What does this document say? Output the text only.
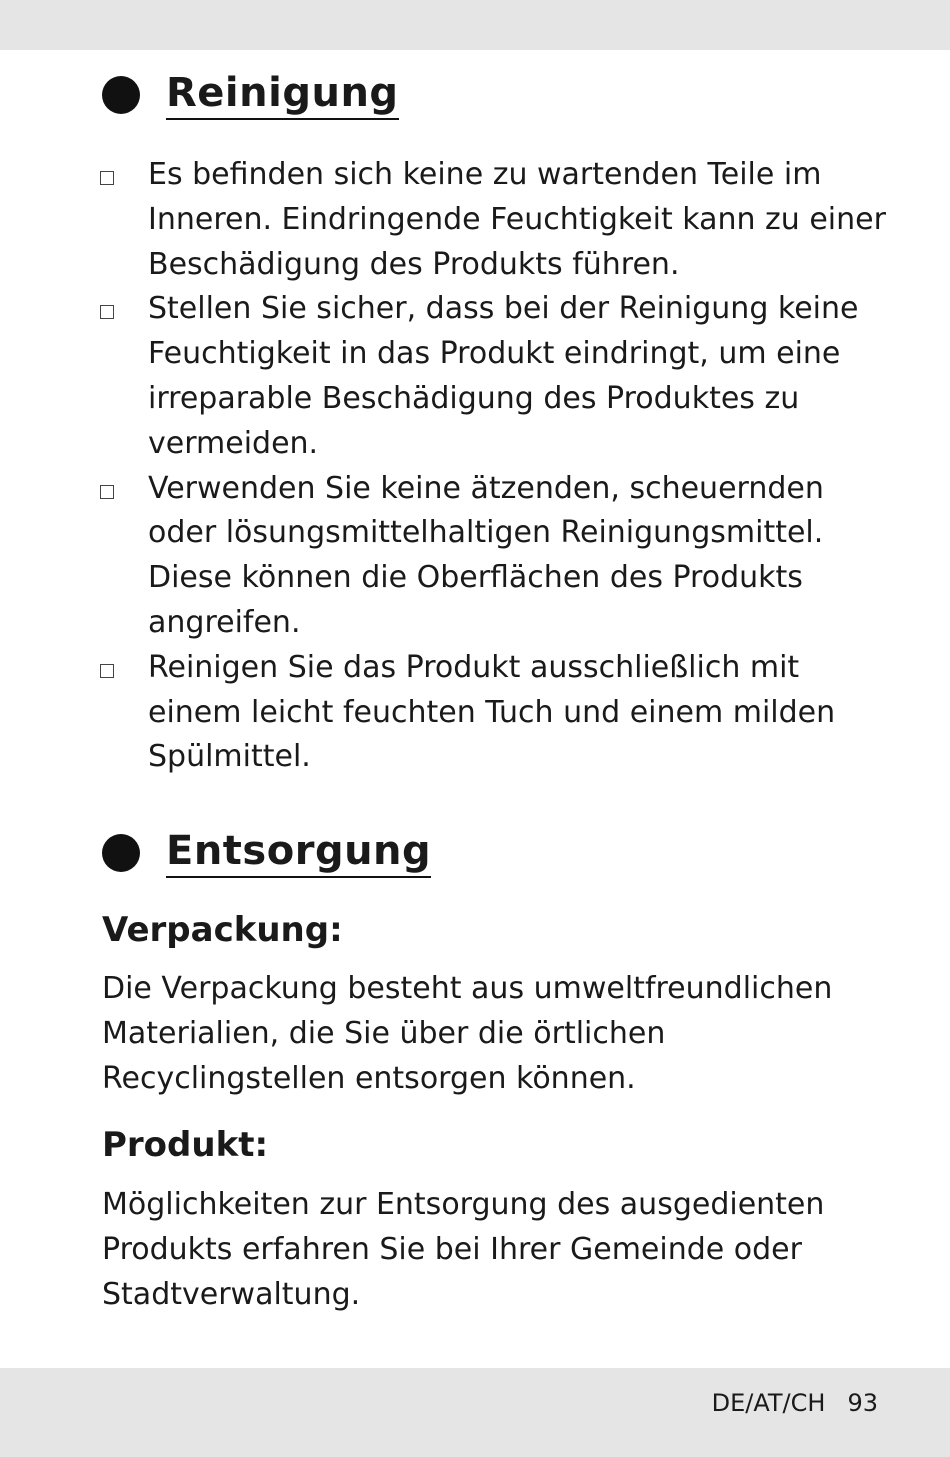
Reinigung
Es befinden sich keine zu wartenden Teile im Inneren. Eindringende Feuchtigkeit kann zu einer Beschädigung des Produkts führen.
Stellen Sie sicher, dass bei der Reinigung keine Feuchtigkeit in das Produkt eindringt, um eine irreparable Beschädigung des Produktes zu vermeiden.
Verwenden Sie keine ätzenden, scheuernden oder lösungsmittelhaltigen Reinigungsmittel. Diese können die Oberflächen des Produkts angreifen.
Reinigen Sie das Produkt ausschließlich mit einem leicht feuchten Tuch und einem milden Spülmittel.
Entsorgung
Verpackung:
Die Verpackung besteht aus umweltfreundlichen Materialien, die Sie über die örtlichen Recyclingstellen entsorgen können.
Produkt:
Möglichkeiten zur Entsorgung des ausgedienten Produkts erfahren Sie bei Ihrer Gemeinde oder Stadtverwaltung.
DE/AT/CH 93
